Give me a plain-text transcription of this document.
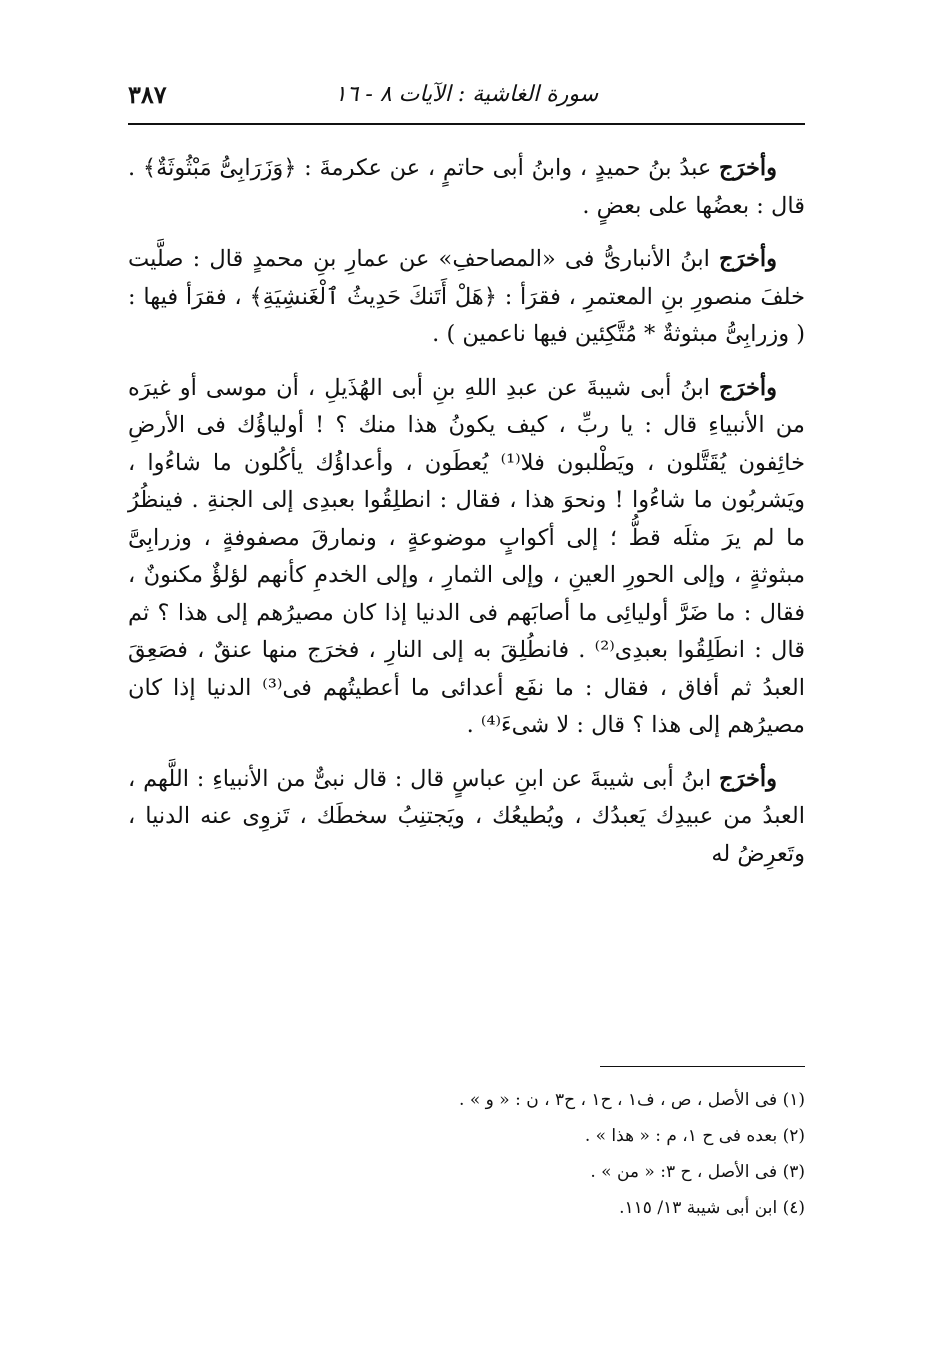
سورة الغاشية : الآيات ٨ - ١٦
٣٨٧

وأخرَج عبدُ بنُ حميدٍ ، وابنُ أبى حاتمٍ ، عن عكرمةَ : ﴿وَزَرَابِىُّ مَبْثُوثَةٌ﴾ . قال : بعضُها على بعضٍ .

وأخرَج ابنُ الأنبارىُّ فى «المصاحفِ» عن عمارِ بنِ محمدٍ قال : صلَّيت خلفَ منصورِ بنِ المعتمرِ ، فقرَأ : ﴿هَلْ أَتَنكَ حَدِيثُ ٱلْغَنشِيَةِ﴾ ، فقرَأ فيها : ( وزرابِىُّ مبثوثةٌ * مُتَّكِئين فيها ناعمين ) .

وأخرَج ابنُ أبى شيبةَ عن عبدِ اللهِ بنِ أبى الهُذَيلِ ، أن موسى أو غيرَه من الأنبياءِ قال : يا ربِّ ، كيف يكونُ هذا منك ؟ ! أولياؤُك فى الأرضِ خائِفون يُقَتَّلون ، ويَطْلبون فلا⁽¹⁾ يُعطَون ، وأعداؤُك يأكُلون ما شاءُوا ، ويَشربُون ما شاءُوا ! ونحوَ هذا ، فقال : انطلِقُوا بعبدِى إلى الجنةِ . فينظُرُ ما لم يرَ مثلَه قطُّ ؛ إلى أكوابٍ موضوعةٍ ، ونمارقَ مصفوفةٍ ، وزرابِىَّ مبثوثةٍ ، وإلى الحورِ العينِ ، وإلى الثمارِ ، وإلى الخدمِ كأنهم لؤلؤٌ مكنونٌ ، فقال : ما ضَرَّ أوليائِى ما أصابَهم فى الدنيا إذا كان مصيرُهم إلى هذا ؟ ثم قال : انطَلِقُوا بعبدِى⁽²⁾ . فانطُلِقَ به إلى النارِ ، فخرَج منها عنقٌ ، فصَعِقَ العبدُ ثم أفاق ، فقال : ما نفَع أعدائى ما أعطيتُهم فى⁽³⁾ الدنيا إذا كان مصيرُهم إلى هذا ؟ قال : لا شىءَ⁽⁴⁾ .

وأخرَج ابنُ أبى شيبةَ عن ابنِ عباسٍ قال : قال نبىٌّ من الأنبياءِ : اللَّهم ، العبدُ من عبيدِك يَعبدُك ، ويُطيعُك ، ويَجتنِبُ سخطَك ، تَزوِى عنه الدنيا ، وتَعرِضُ له

(١) فى الأصل ، ص ، ف١ ، ح١ ، ح٣ ، ن : « و » .
(٢) بعده فى ح ١، م : « هذا » .
(٣) فى الأصل ، ح ٣: « من » .
(٤) ابن أبى شيبة ١٣/ ١١٥.
